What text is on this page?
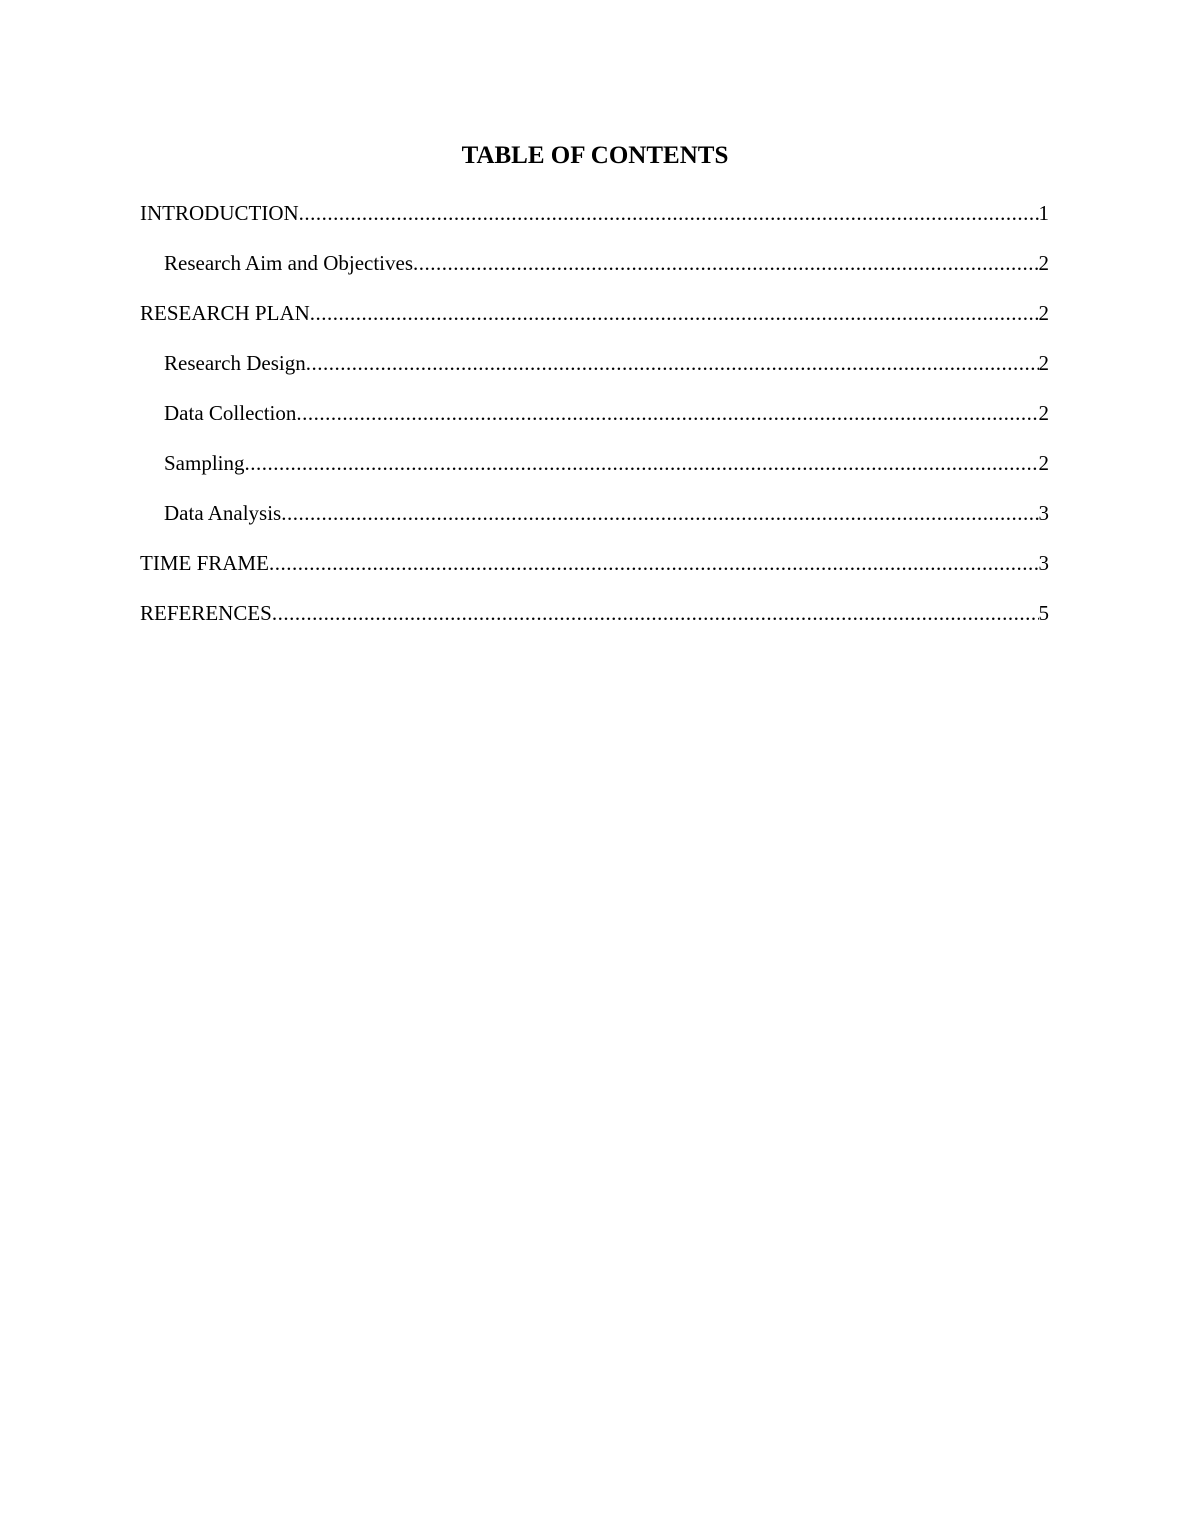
TABLE OF CONTENTS
INTRODUCTION .....	1
Research Aim and Objectives .....	2
RESEARCH PLAN .....	2
Research Design .....	2
Data Collection .....	2
Sampling .....	2
Data Analysis .....	3
TIME FRAME .....	3
REFERENCES .....	5
